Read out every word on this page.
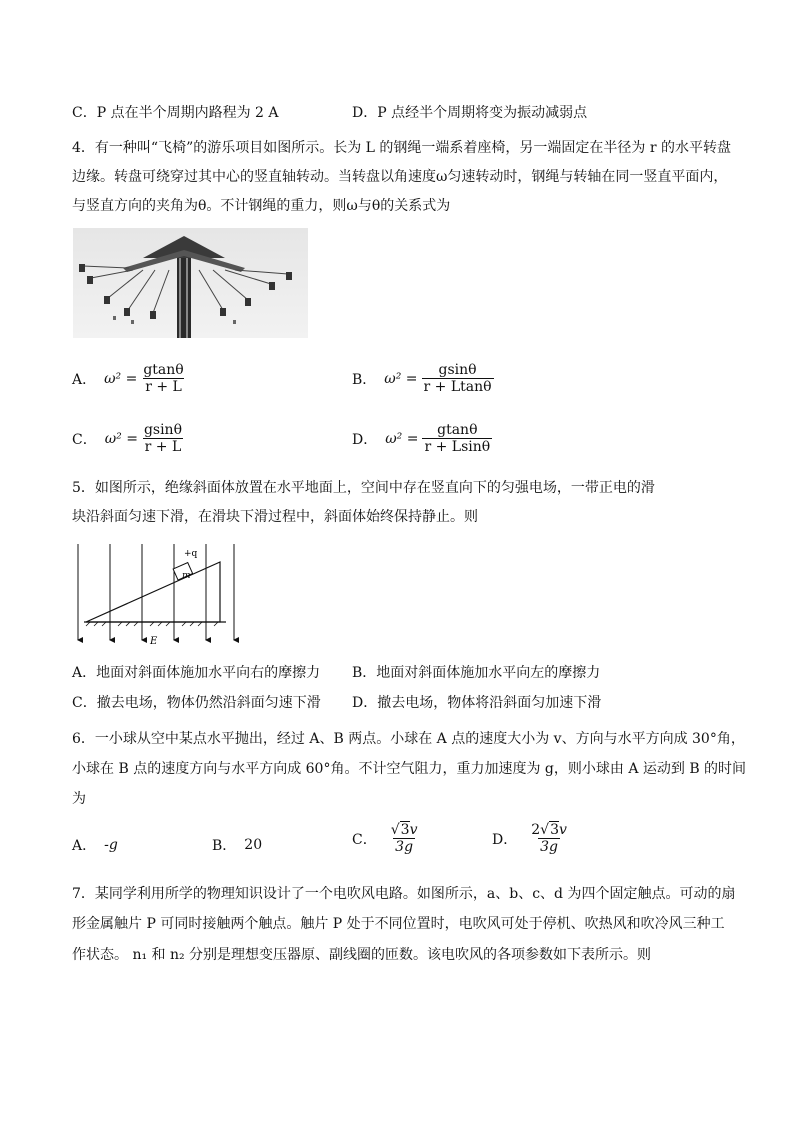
C．P 点在半个周期内路程为 2 A	D．P 点经半个周期将变为振动减弱点
4．有一种叫“飞椅”的游乐项目如图所示。长为 L 的钢绳一端系着座椅，另一端固定在半径为 r 的水平转盘
边缘。转盘可绕穿过其中心的竖直轴转动。当转盘以角速度ω匀速转动时，钢绳与转轴在同一竖直平面内，
与竖直方向的夹角为θ。不计钢绳的重力，则ω与θ的关系式为
A． $\omega^2 = \frac{gtan\theta}{r + L}$	B． $\omega^2 = \frac{gsin\theta}{r + Ltan\theta}$
C． $\omega^2 = \frac{gsin\theta}{r + L}$	D． $\omega^2 = \frac{gtan\theta}{r + Lsin\theta}$
5．如图所示，绝缘斜面体放置在水平地面上，空间中存在竖直向下的匀强电场，一带正电的滑
块沿斜面匀速下滑，在滑块下滑过程中，斜面体始终保持静止。则
m
+q
E
A．地面对斜面体施加水平向右的摩擦力 B．地面对斜面体施加水平向左的摩擦力
C．撤去电场，物体仍然沿斜面匀速下滑 D．撤去电场，物体将沿斜面匀加速下滑
6．一小球从空中某点水平抛出，经过 A、B 两点。小球在 A 点的速度大小为 v、方向与水平方向成 30°角，
小球在 B 点的速度方向与水平方向成 60°角。不计空气阻力，重力加速度为 g，则小球由 A 运动到 B 的时间
为
A． -g	B． 20	C． $\frac{√3v}{3g}$	D． $\frac{2√3v}{3g}$
7．某同学利用所学的物理知识设计了一个电吹风电路。如图所示，a、b、c、d 为四个固定触点。可动的扇
形金属触片 P 可同时接触两个触点。触片 P 处于不同位置时，电吹风可处于停机、吹热风和吹冷风三种工
作状态。 n₁ 和 n₂ 分别是理想变压器原、副线圈的匝数。该电吹风的各项参数如下表所示。则
